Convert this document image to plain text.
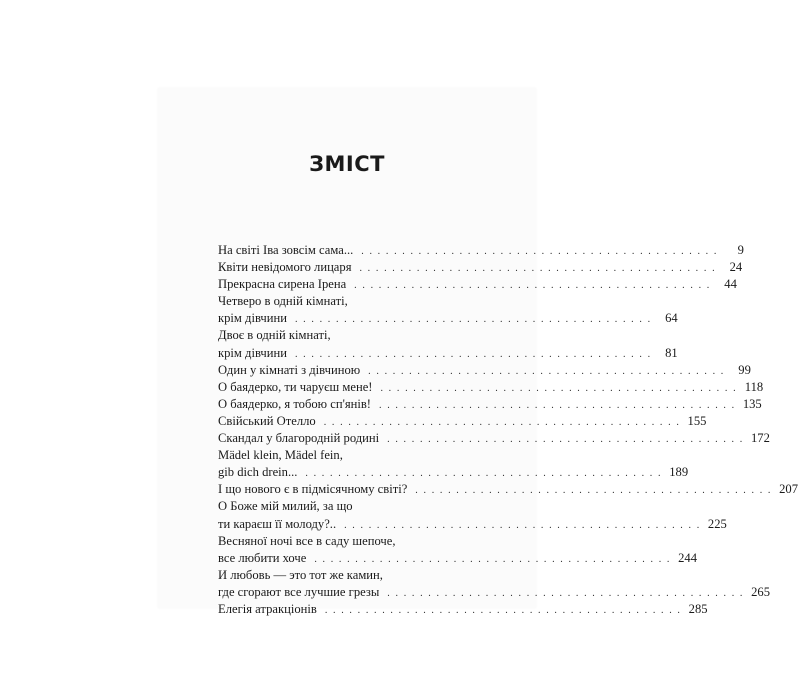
ЗМІСТ
На світі Іва зовсім сама... . . . . . . . . . . . . . . . . . . . . . . . . . . . . . . . . . . . . . . . . . . . .	9
Квіти невідомого лицаря . . . . . . . . . . . . . . . . . . . . . . . . . . . . . . . . . . . . . . . . . . . .	24
Прекрасна сирена Ірена . . . . . . . . . . . . . . . . . . . . . . . . . . . . . . . . . . . . . . . . . . . .	44
Четверо в одній кімнаті,
крім дівчини . . . . . . . . . . . . . . . . . . . . . . . . . . . . . . . . . . . . . . . . . . . .	64
Двоє в одній кімнаті,
крім дівчини . . . . . . . . . . . . . . . . . . . . . . . . . . . . . . . . . . . . . . . . . . . .	81
Один у кімнаті з дівчиною . . . . . . . . . . . . . . . . . . . . . . . . . . . . . . . . . . . . . . . . . . . .	99
О баядерко, ти чаруєш мене! . . . . . . . . . . . . . . . . . . . . . . . . . . . . . . . . . . . . . . . . . . . . 118
О баядерко, я тобою сп'янів! . . . . . . . . . . . . . . . . . . . . . . . . . . . . . . . . . . . . . . . . . . . . 135
Свійський Отелло . . . . . . . . . . . . . . . . . . . . . . . . . . . . . . . . . . . . . . . . . . . . 155
Скандал у благородній родині . . . . . . . . . . . . . . . . . . . . . . . . . . . . . . . . . . . . . . . . . . . . 172
Mädel klein, Mädel fein,
gib dich drein... . . . . . . . . . . . . . . . . . . . . . . . . . . . . . . . . . . . . . . . . . . . . 189
І що нового є в підмісячному світі? . . . . . . . . . . . . . . . . . . . . . . . . . . . . . . . . . . . . . . . . . . . . 207
О Боже мій милий, за що
ти караєш її молоду?.. . . . . . . . . . . . . . . . . . . . . . . . . . . . . . . . . . . . . . . . . . . . . 225
Весняної ночі все в саду шепоче,
все любити хоче . . . . . . . . . . . . . . . . . . . . . . . . . . . . . . . . . . . . . . . . . . . . 244
И любовь — это тот же камин,
где сгорают все лучшие грезы . . . . . . . . . . . . . . . . . . . . . . . . . . . . . . . . . . . . . . . . . . . . 265
Елегія атракціонів . . . . . . . . . . . . . . . . . . . . . . . . . . . . . . . . . . . . . . . . . . . . 285
